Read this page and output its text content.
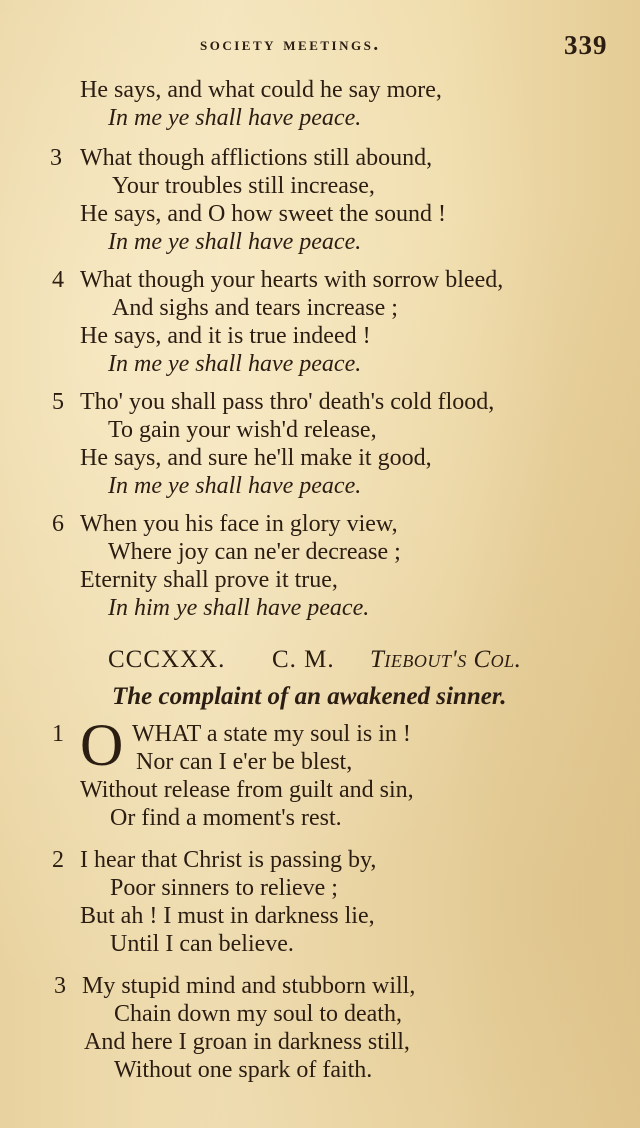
society meetings.	339
He says, and what could he say more,
In me ye shall have peace.
3 What though afflictions still abound,
Your troubles still increase,
He says, and O how sweet the sound !
In me ye shall have peace.
4 What though your hearts with sorrow bleed,
And sighs and tears increase ;
He says, and it is true indeed !
In me ye shall have peace.
5 Tho' you shall pass thro' death's cold flood,
To gain your wish'd release,
He says, and sure he'll make it good,
In me ye shall have peace.
6 When you his face in glory view,
Where joy can ne'er decrease ;
Eternity shall prove it true,
In him ye shall have peace.
CCCXXX. C. M. Tiebout's Col.
The complaint of an awakened sinner.
1 O WHAT a state my soul is in !
Nor can I e'er be blest,
Without release from guilt and sin,
Or find a moment's rest.
2 I hear that Christ is passing by,
Poor sinners to relieve ;
But ah ! I must in darkness lie,
Until I can believe.
3 My stupid mind and stubborn will,
Chain down my soul to death,
And here I groan in darkness still,
Without one spark of faith.
